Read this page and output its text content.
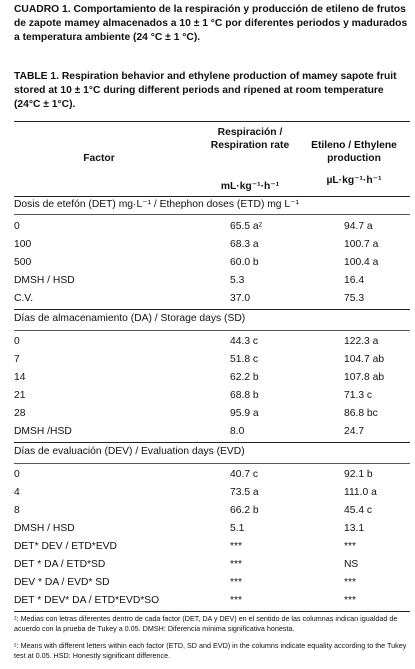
CUADRO 1. Comportamiento de la respiración y producción de etileno de frutos de zapote mamey almacenados a 10 ± 1 °C por diferentes periodos y madurados a temperatura ambiente (24 °C ± 1 °C).
TABLE 1. Respiration behavior and ethylene production of mamey sapote fruit stored at 10 ± 1°C during different periods and ripened at room temperature (24°C ± 1°C).
Factor
Respiración / Respiration rate
mL·kg⁻¹·h⁻¹
Etileno / Ethylene production
µL·kg⁻¹·h⁻¹
Dosis de etefón (DET) mg·L⁻¹ / Ethephon doses (ETD) mg L⁻¹
0	65.5 aᶻ	94.7 a
100	68.3 a	100.7 a
500	60.0 b	100.4 a
DMSH / HSD	5.3	16.4
C.V.	37.0	75.3
Días de almacenamiento (DA) / Storage days (SD)
0	44.3 c	122.3 a
7	51.8 c	104.7 ab
14	62.2 b	107.8 ab
21	68.8 b	71.3 c
28	95.9 a	86.8 bc
DMSH /HSD	8.0	24.7
Días de evaluación (DEV) / Evaluation days (EVD)
0	40.7 c	92.1 b
4	73.5 a	111.0 a
8	66.2 b	45.4 c
DMSH / HSD	5.1	13.1
DET* DEV / ETD*EVD	***	***
DET * DA / ETD*SD	***	NS
DEV * DA / EVD* SD	***	***
DET * DEV* DA / ETD*EVD*SO	***	***
ᶻ: Medias con letras diferentes dentro de cada factor (DET, DA y DEV) en el sentido de las columnas indican igualdad de acuerdo con la prueba de Tukey a 0.05. DMSH: Diferencia mínima significativa honesta.
ᶻ: Means with different letters within each factor (ETD, SD and EVD) in the columns indicate equality according to the Tukey test at 0.05. HSD: Honestly significant difference.
